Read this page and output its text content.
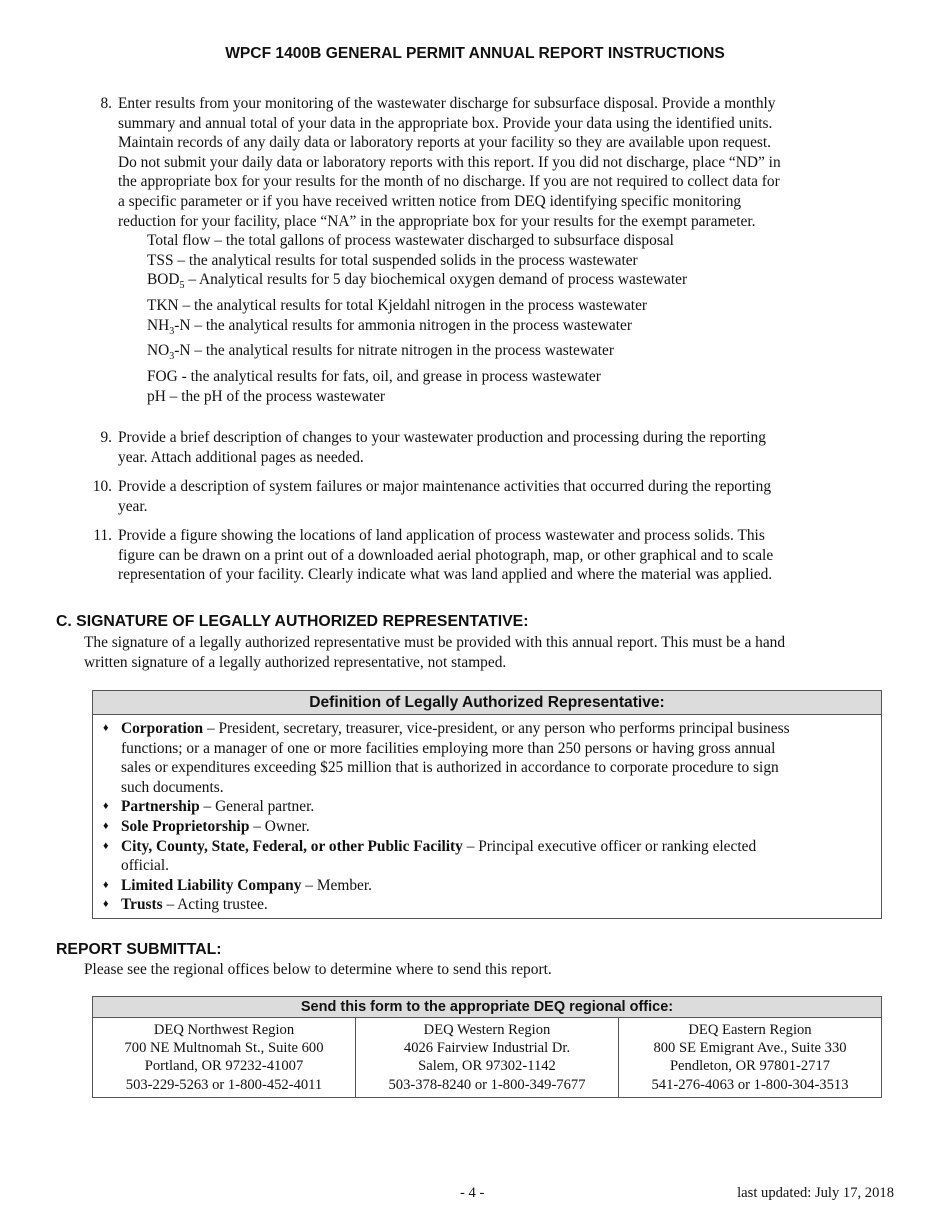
WPCF 1400B GENERAL PERMIT ANNUAL REPORT INSTRUCTIONS
8. Enter results from your monitoring of the wastewater discharge for subsurface disposal. Provide a monthly
summary and annual total of your data in the appropriate box. Provide your data using the identified units.
Maintain records of any daily data or laboratory reports at your facility so they are available upon request.
Do not submit your daily data or laboratory reports with this report. If you did not discharge, place “ND” in
the appropriate box for your results for the month of no discharge. If you are not required to collect data for
a specific parameter or if you have received written notice from DEQ identifying specific monitoring
reduction for your facility, place “NA” in the appropriate box for your results for the exempt parameter.
Total flow – the total gallons of process wastewater discharged to subsurface disposal
TSS – the analytical results for total suspended solids in the process wastewater
$BOD_5$ – Analytical results for 5 day biochemical oxygen demand of process wastewater
TKN – the analytical results for total Kjeldahl nitrogen in the process wastewater
$NH_3-N$ – the analytical results for ammonia nitrogen in the process wastewater
$NO_3-N$ – the analytical results for nitrate nitrogen in the process wastewater
FOG - the analytical results for fats, oil, and grease in process wastewater
pH – the pH of the process wastewater
9. Provide a brief description of changes to your wastewater production and processing during the reporting
year. Attach additional pages as needed.
10. Provide a description of system failures or major maintenance activities that occurred during the reporting
year.
11. Provide a figure showing the locations of land application of process wastewater and process solids. This
figure can be drawn on a print out of a downloaded aerial photograph, map, or other graphical and to scale
representation of your facility. Clearly indicate what was land applied and where the material was applied.
C. SIGNATURE OF LEGALLY AUTHORIZED REPRESENTATIVE:
The signature of a legally authorized representative must be provided with this annual report. This must be a hand
written signature of a legally authorized representative, not stamped.
Definition of Legally Authorized Representative:
♦ Corporation – President, secretary, treasurer, vice-president, or any person who performs principal business
functions; or a manager of one or more facilities employing more than 250 persons or having gross annual
sales or expenditures exceeding $25 million that is authorized in accordance to corporate procedure to sign
such documents.
♦ Partnership – General partner.
♦ Sole Proprietorship – Owner.
♦ City, County, State, Federal, or other Public Facility – Principal executive officer or ranking elected
official.
♦ Limited Liability Company – Member.
♦ Trusts – Acting trustee.
REPORT SUBMITTAL:
Please see the regional offices below to determine where to send this report.
Send this form to the appropriate DEQ regional office:
DEQ Northwest Region
700 NE Multnomah St., Suite 600
Portland, OR 97232-41007
503-229-5263 or 1-800-452-4011
DEQ Western Region
4026 Fairview Industrial Dr.
Salem, OR 97302-1142
503-378-8240 or 1-800-349-7677
DEQ Eastern Region
800 SE Emigrant Ave., Suite 330
Pendleton, OR 97801-2717
541-276-4063 or 1-800-304-3513
- 4 -	last updated: July 17, 2018
